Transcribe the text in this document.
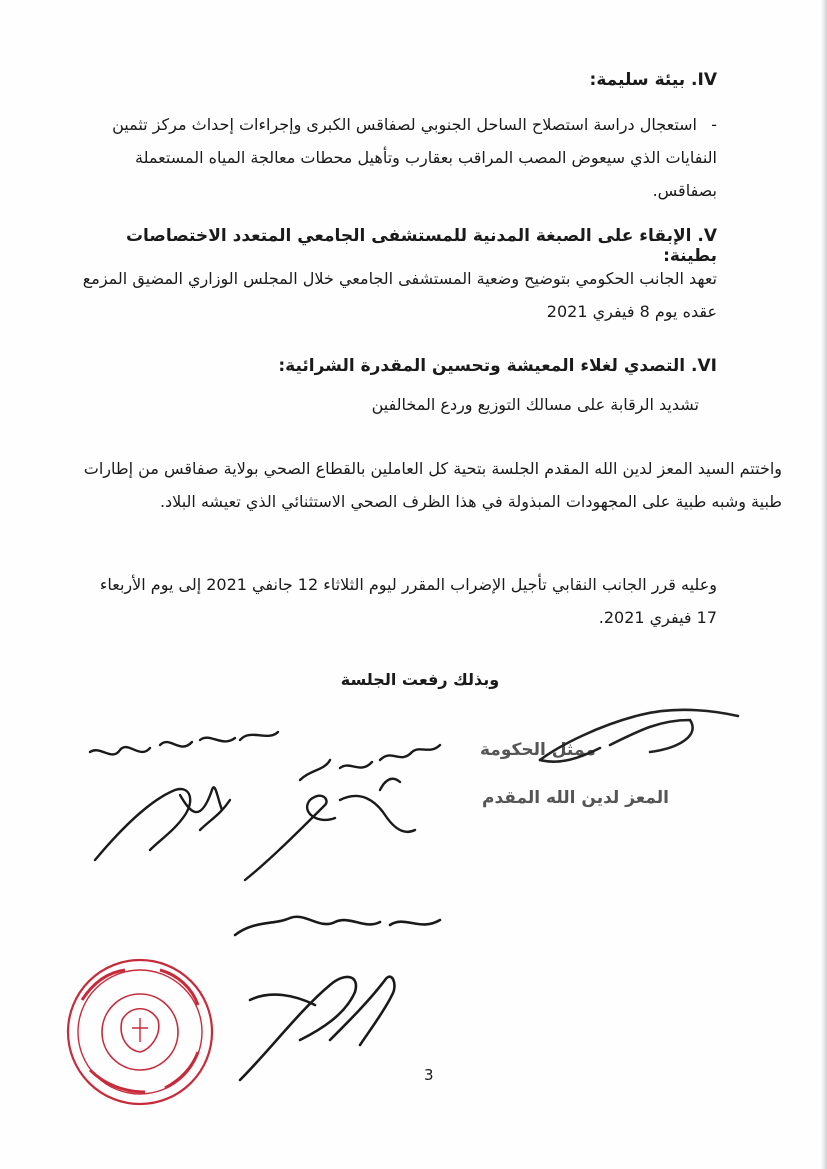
IV. بيئة سليمة:
-استعجال دراسة استصلاح الساحل الجنوبي لصفاقس الكبرى وإجراءات إحداث مركز تثمين النفايات الذي سيعوض المصب المراقب بعقارب وتأهيل محطات معالجة المياه المستعملة بصفاقس.
V. الإبقاء على الصبغة المدنية للمستشفى الجامعي المتعدد الاختصاصات بطينة:
تعهد الجانب الحكومي بتوضيح وضعية المستشفى الجامعي خلال المجلس الوزاري المضيق المزمع عقده يوم 8 فيفري 2021
VI. التصدي لغلاء المعيشة وتحسين المقدرة الشرائية:
تشديد الرقابة على مسالك التوزيع وردع المخالفين
واختتم السيد المعز لدين الله المقدم الجلسة بتحية كل العاملين بالقطاع الصحي بولاية صفاقس من إطارات طبية وشبه طبية على المجهودات المبذولة في هذا الظرف الصحي الاستثنائي الذي تعيشه البلاد.
وعليه قرر الجانب النقابي تأجيل الإضراب المقرر ليوم الثلاثاء 12 جانفي 2021 إلى يوم الأربعاء 17 فيفري 2021.
وبذلك رفعت الجلسة
ممثل الحكومة
المعز لدين الله المقدم
3
